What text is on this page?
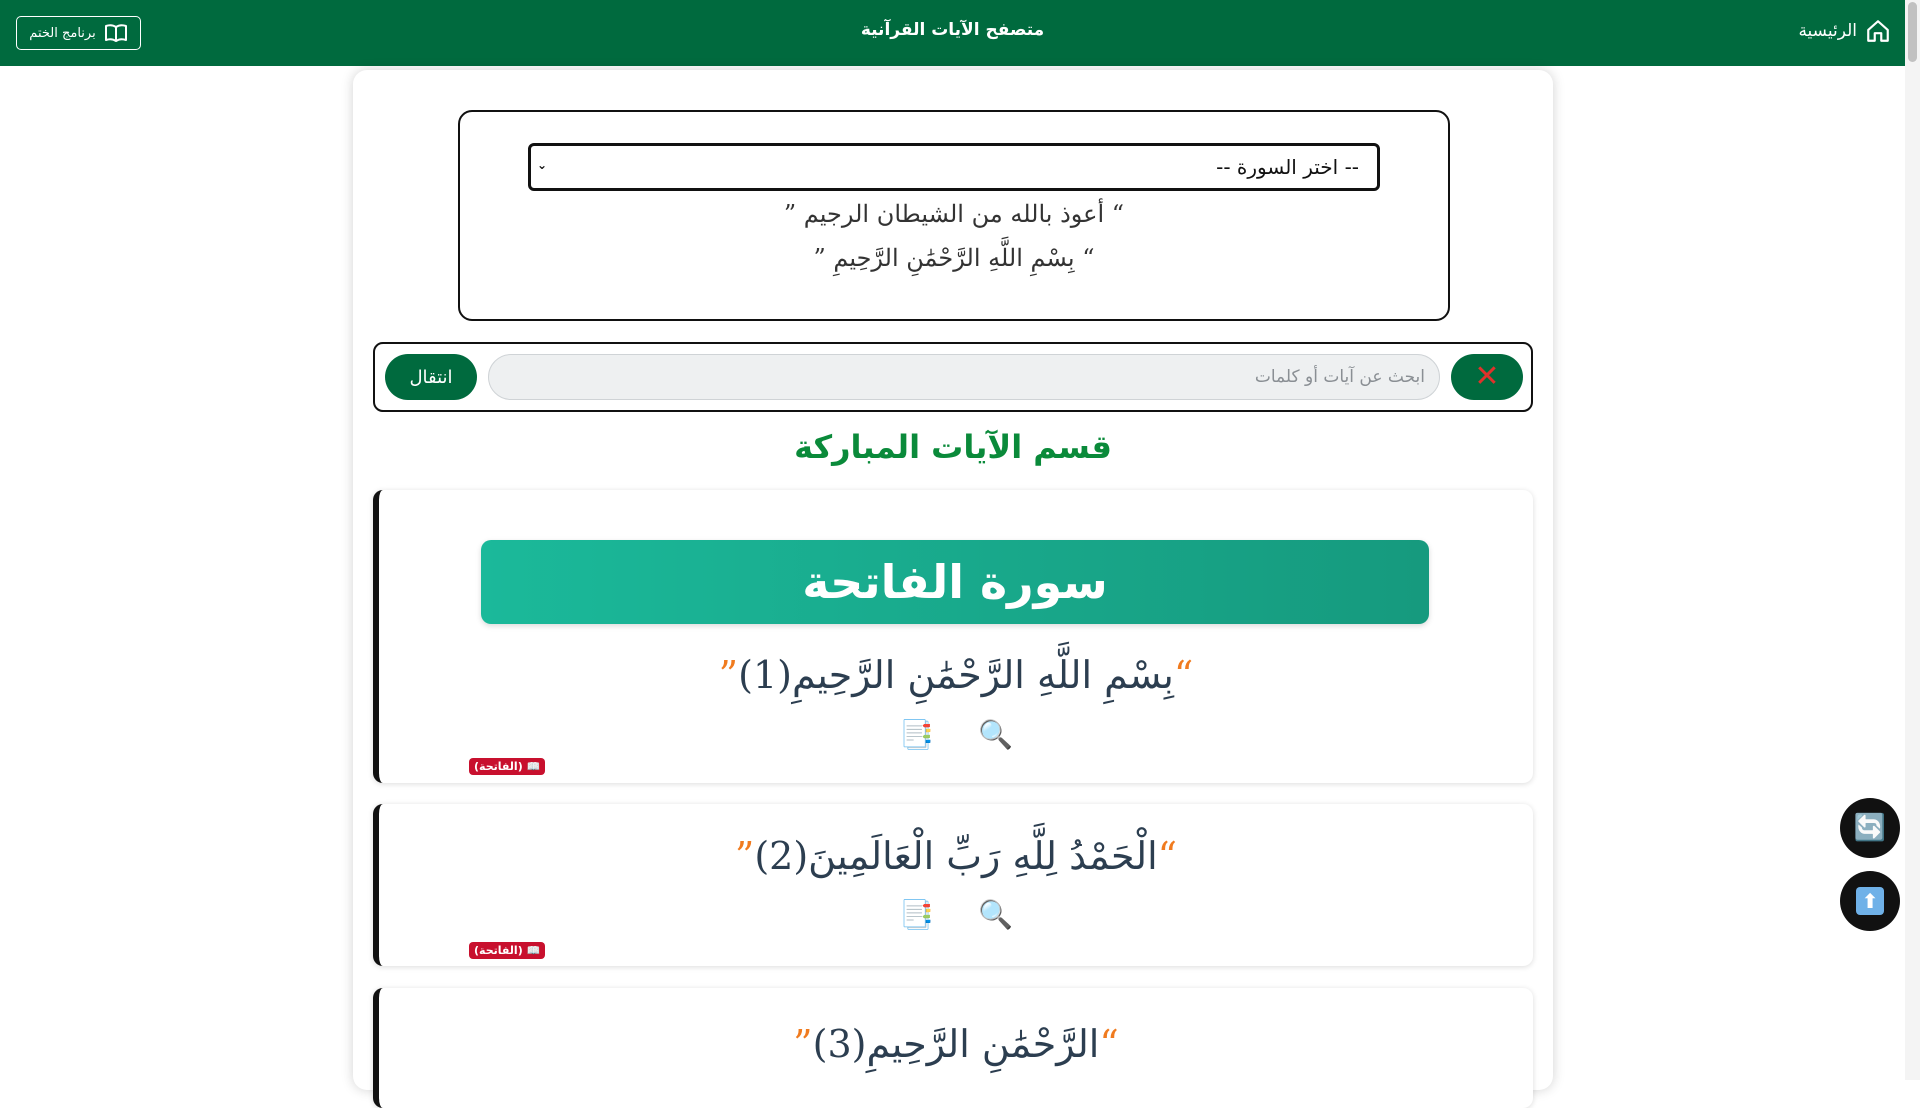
الرئيسية
متصفح الآيات القرآنية
برنامج الختم
-- اختر السورة --
⌄
“ أعوذ بالله من الشيطان الرجيم ”
“ بِسْمِ اللَّهِ الرَّحْمَٰنِ الرَّحِيمِ ”
انتقال	ابحث عن آيات أو كلمات ✕
قسم الآيات المباركة
سورة الفاتحة
“بِسْمِ اللَّهِ الرَّحْمَٰنِ الرَّحِيمِ(1)”
📑 🔍
📖 (الفاتحة)
“الْحَمْدُ لِلَّهِ رَبِّ الْعَالَمِينَ(2)”
📑 🔍
📖 (الفاتحة)
“الرَّحْمَٰنِ الرَّحِيمِ(3)”
🔄
⬆
